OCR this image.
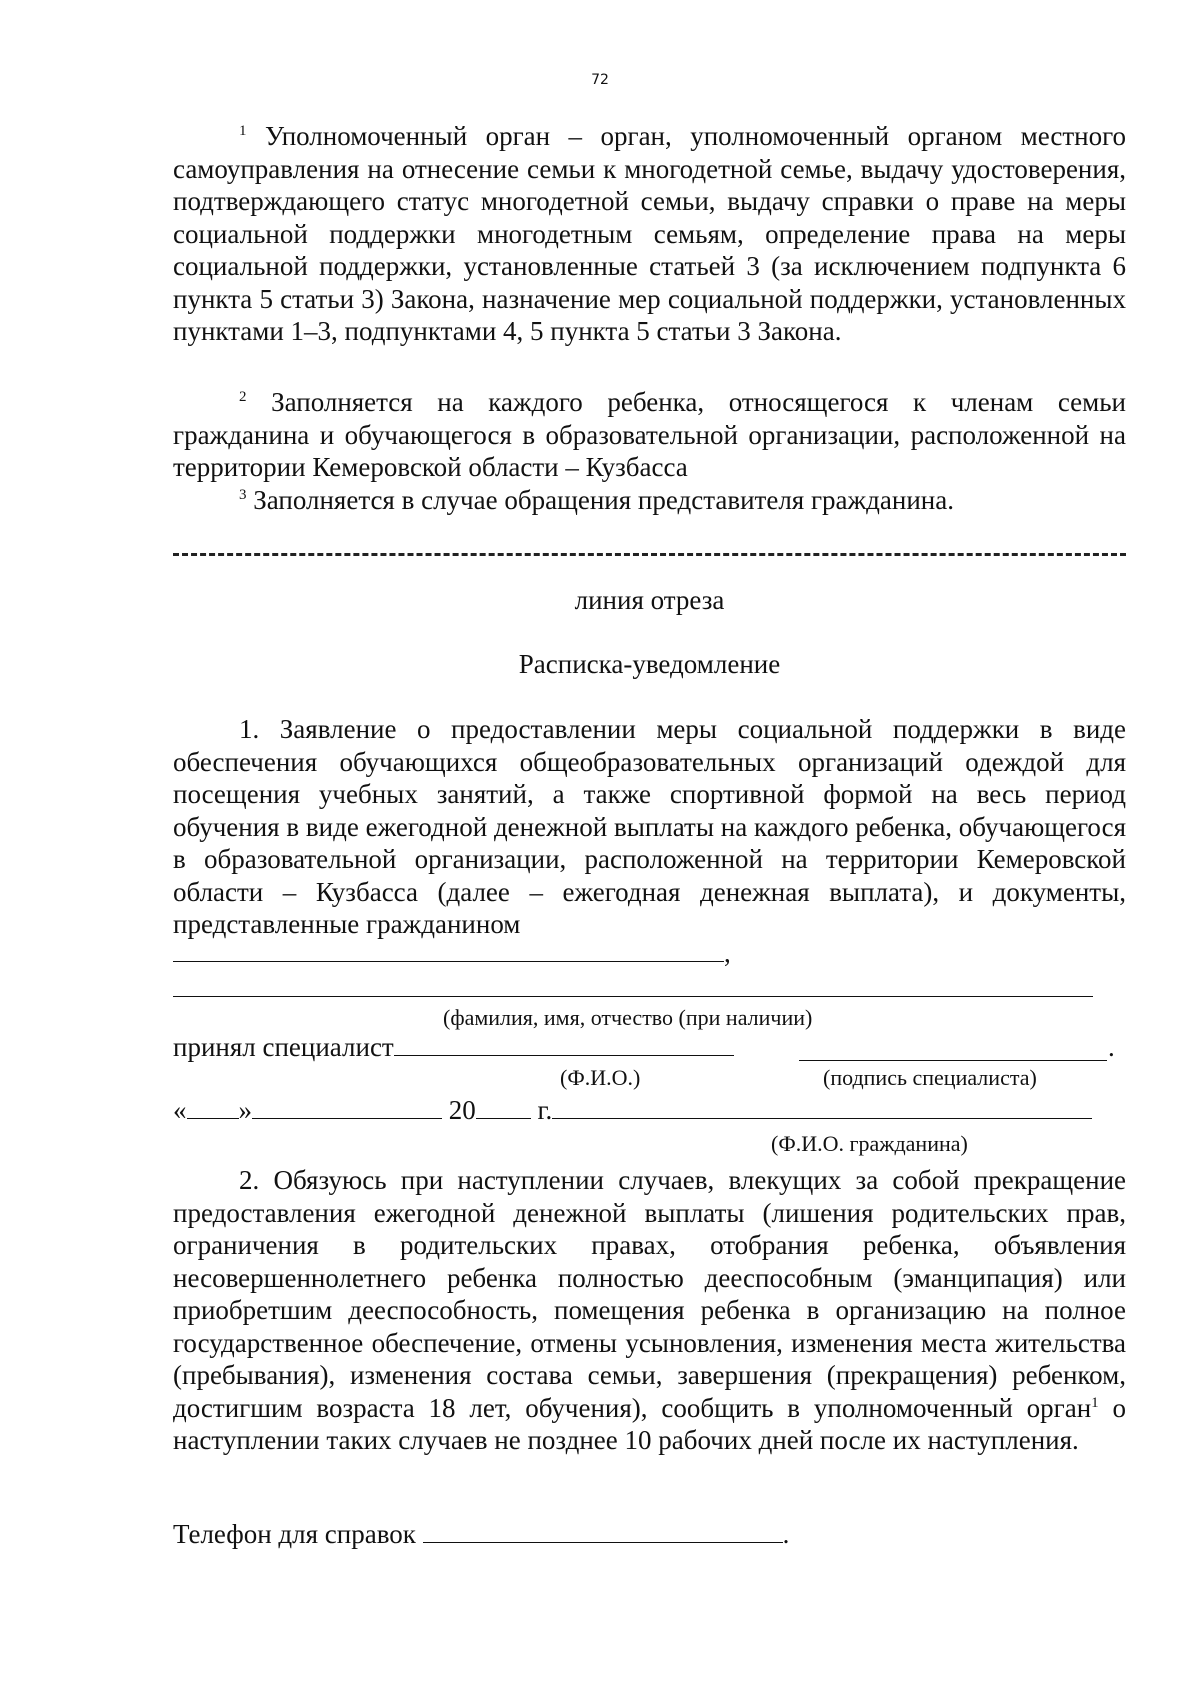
72

$^1$ Уполномоченный орган – орган, уполномоченный органом местного самоуправления на отнесение семьи к многодетной семье, выдачу удостоверения, подтверждающего статус многодетной семьи, выдачу справки о праве на меры социальной поддержки многодетным семьям, определение права на меры социальной поддержки, установленные статьей 3 (за исключением подпункта 6 пункта 5 статьи 3) Закона, назначение мер социальной поддержки, установленных пунктами 1–3, подпунктами 4, 5 пункта 5 статьи 3 Закона.

$^2$ Заполняется на каждого ребенка, относящегося к членам семьи гражданина и обучающегося в образовательной организации, расположенной на территории Кемеровской области – Кузбасса

$^3$ Заполняется в случае обращения представителя гражданина.

линия отреза
Расписка-уведомление

1. Заявление о предоставлении меры социальной поддержки в виде обеспечения обучающихся общеобразовательных организаций одеждой для посещения учебных занятий, а также спортивной формой на весь период обучения в виде ежегодной денежной выплаты на каждого ребенка, обучающегося в образовательной организации, расположенной на территории Кемеровской области – Кузбасса (далее – ежегодная денежная выплата), и документы, представленные гражданином

,
(фамилия, имя, отчество (при наличии)
принял специалист	.
(Ф.И.О.)	(подпись специалиста)
« »	20 г.
(Ф.И.О. гражданина)

2. Обязуюсь при наступлении случаев, влекущих за собой прекращение предоставления ежегодной денежной выплаты (лишения родительских прав, ограничения в родительских правах, отобрания ребенка, объявления несовершеннолетнего ребенка полностью дееспособным (эманципация) или приобретшим дееспособность, помещения ребенка в организацию на полное государственное обеспечение, отмены усыновления, изменения места жительства (пребывания), изменения состава семьи, завершения (прекращения) ребенком, достигшим возраста 18 лет, обучения), сообщить в уполномоченный орган$^1$ о наступлении таких случаев не позднее 10 рабочих дней после их наступления.

Телефон для справок	.
